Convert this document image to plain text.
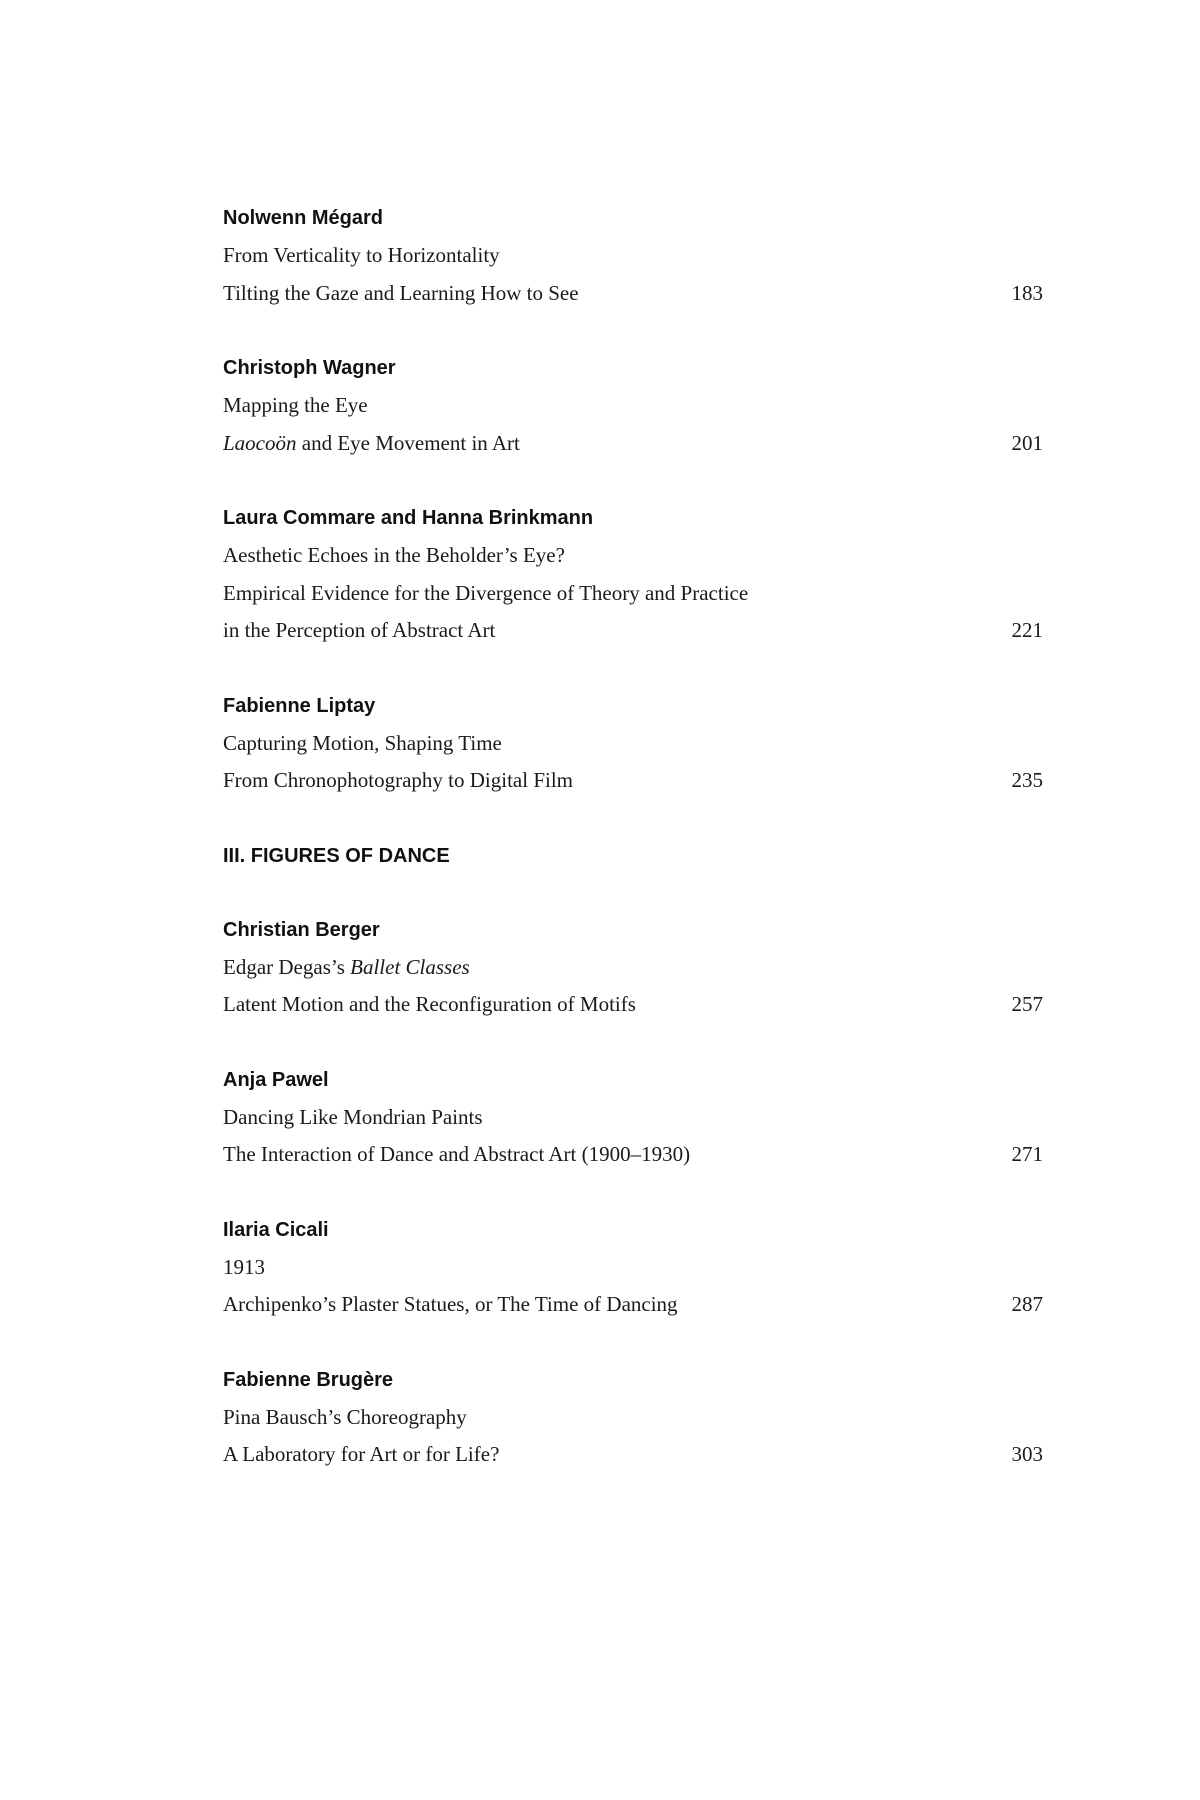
Nolwenn Mégard
From Verticality to Horizontality
Tilting the Gaze and Learning How to See	183
Christoph Wagner
Mapping the Eye
Laocoön and Eye Movement in Art	201
Laura Commare and Hanna Brinkmann
Aesthetic Echoes in the Beholder’s Eye?
Empirical Evidence for the Divergence of Theory and Practice
in the Perception of Abstract Art	221
Fabienne Liptay
Capturing Motion, Shaping Time
From Chronophotography to Digital Film	235
III. FIGURES OF DANCE
Christian Berger
Edgar Degas’s Ballet Classes
Latent Motion and the Reconfiguration of Motifs	257
Anja Pawel
Dancing Like Mondrian Paints
The Interaction of Dance and Abstract Art (1900–1930)	271
Ilaria Cicali
1913
Archipenko’s Plaster Statues, or The Time of Dancing	287
Fabienne Brugère
Pina Bausch’s Choreography
A Laboratory for Art or for Life?	303
